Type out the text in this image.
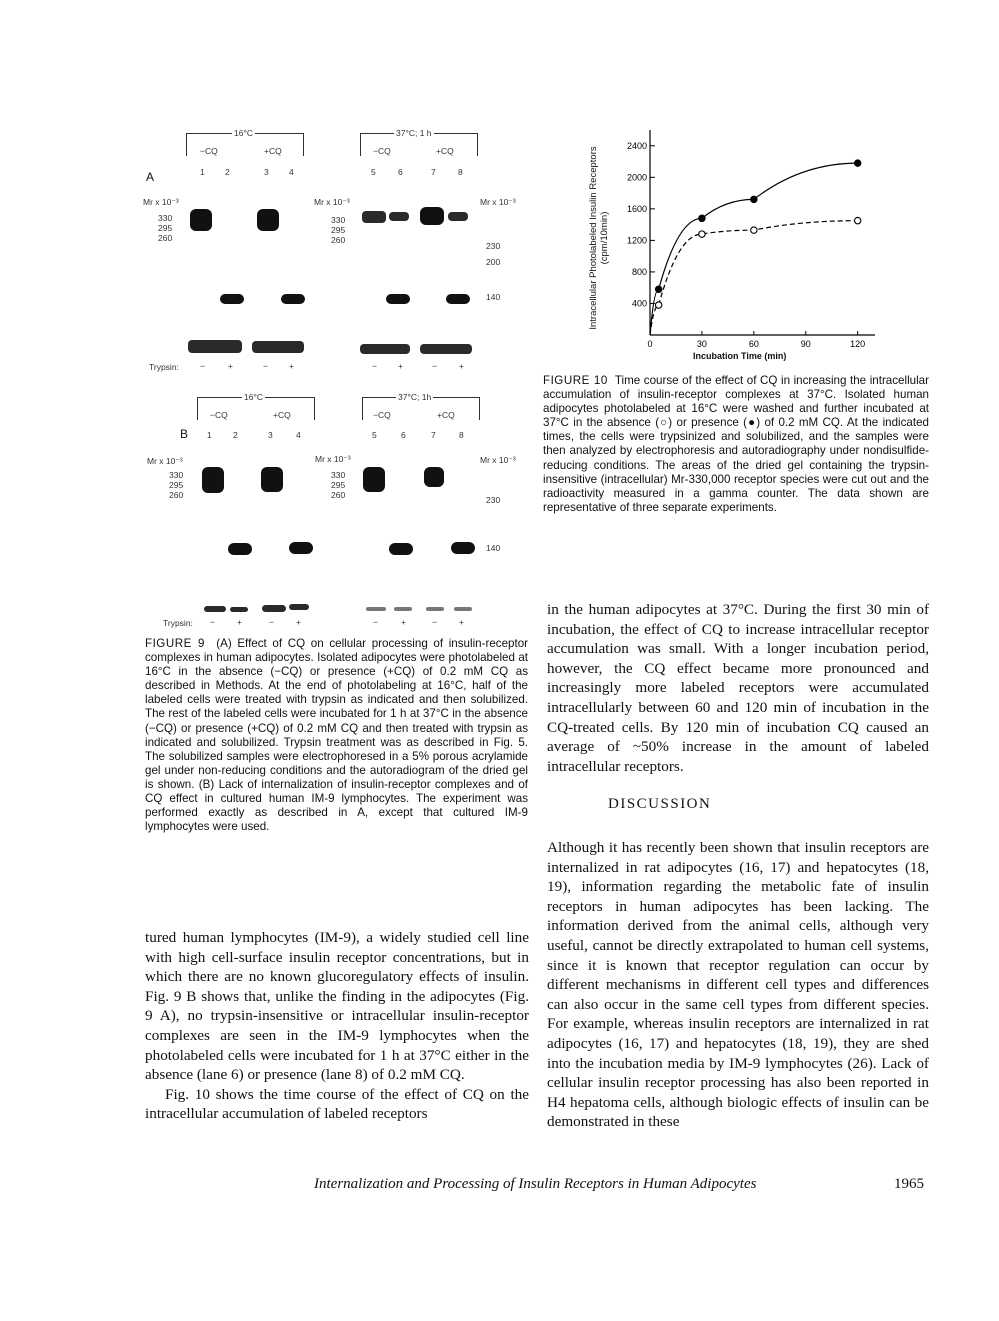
A
16°C
−CQ	+CQ
37°C; 1 h
−CQ	+CQ
1 2	3 4	5	6	7	8
Mr x 10⁻³	Mr x 10⁻³	Mr x 10⁻³
330
295
260
330
295
260
230
200
140
Trypsin: −	+	− +	− +	−	+
B
16°C
−CQ	+CQ
37°C; 1h
−CQ	+CQ
1	2	3	4	5	6	7	8
Mr x 10⁻³	Mr x 10⁻³	Mr x 10⁻³
330
295
260
330
295
260	230
140
Trypsin: −	+	−	+	−	+	−	+
FIGURE 9 (A) Effect of CQ on cellular processing of insulin-receptor complexes in human adipocytes. Isolated adipocytes were photolabeled at 16°C in the absence (−CQ) or presence (+CQ) of 0.2 mM CQ as described in Methods. At the end of photolabeling at 16°C, half of the labeled cells were treated with trypsin as indicated and then solubilized. The rest of the labeled cells were incubated for 1 h at 37°C in the absence (−CQ) or presence (+CQ) of 0.2 mM CQ and then treated with trypsin as indicated and solubilized. Trypsin treatment was as described in Fig. 5. The solubilized samples were electrophoresed in a 5% porous acrylamide gel under non-reducing conditions and the autoradiogram of the dried gel is shown. (B) Lack of internalization of insulin-receptor complexes and of CQ effect in cultured human IM-9 lymphocytes. The experiment was performed exactly as described in A, except that cultured IM-9 lymphocytes were used.
Intracellular Photolabeled Insulin Receptors (cpm/10min)
400
800
1200
1600
2000
2400
0	30	60	90	120
Incubation Time (min)
FIGURE 10 Time course of the effect of CQ in increasing the intracellular accumulation of insulin-receptor complexes at 37°C. Isolated human adipocytes photolabeled at 16°C were washed and further incubated at 37°C in the absence (○) or presence (●) of 0.2 mM CQ. At the indicated times, the cells were trypsinized and solubilized, and the samples were then analyzed by electrophoresis and autoradiography under nondisulfide-reducing conditions. The areas of the dried gel containing the trypsin-insensitive (intracellular) Mr-330,000 receptor species were cut out and the radioactivity measured in a gamma counter. The data shown are representative of three separate experiments.

tured human lymphocytes (IM-9), a widely studied cell line with high cell-surface insulin receptor concentrations, but in which there are no known glucoregulatory effects of insulin. Fig. 9 B shows that, unlike the finding in the adipocytes (Fig. 9 A), no trypsin-insensitive or intracellular insulin-receptor complexes are seen in the IM-9 lymphocytes when the photolabeled cells were incubated for 1 h at 37°C either in the absence (lane 6) or presence (lane 8) of 0.2 mM CQ.

Fig. 10 shows the time course of the effect of CQ on the intracellular accumulation of labeled receptors

in the human adipocytes at 37°C. During the first 30 min of incubation, the effect of CQ to increase intracellular receptor accumulation was small. With a longer incubation period, however, the CQ effect became more pronounced and increasingly more labeled receptors were accumulated intracellularly between 60 and 120 min of incubation in the CQ-treated cells. By 120 min of incubation CQ caused an average of ~50% increase in the amount of labeled intracellular receptors.

DISCUSSION

Although it has recently been shown that insulin receptors are internalized in rat adipocytes (16, 17) and hepatocytes (18, 19), information regarding the metabolic fate of insulin receptors in human adipocytes has been lacking. The information derived from the animal cells, although very useful, cannot be directly extrapolated to human cell systems, since it is known that receptor regulation can occur by different mechanisms in different cell types and differences can also occur in the same cell types from different species. For example, whereas insulin receptors are internalized in rat adipocytes (16, 17) and hepatocytes (18, 19), they are shed into the incubation media by IM-9 lymphocytes (26). Lack of cellular insulin receptor processing has also been reported in H4 hepatoma cells, although biologic effects of insulin can be demonstrated in these

Internalization and Processing of Insulin Receptors in Human Adipocytes	1965
